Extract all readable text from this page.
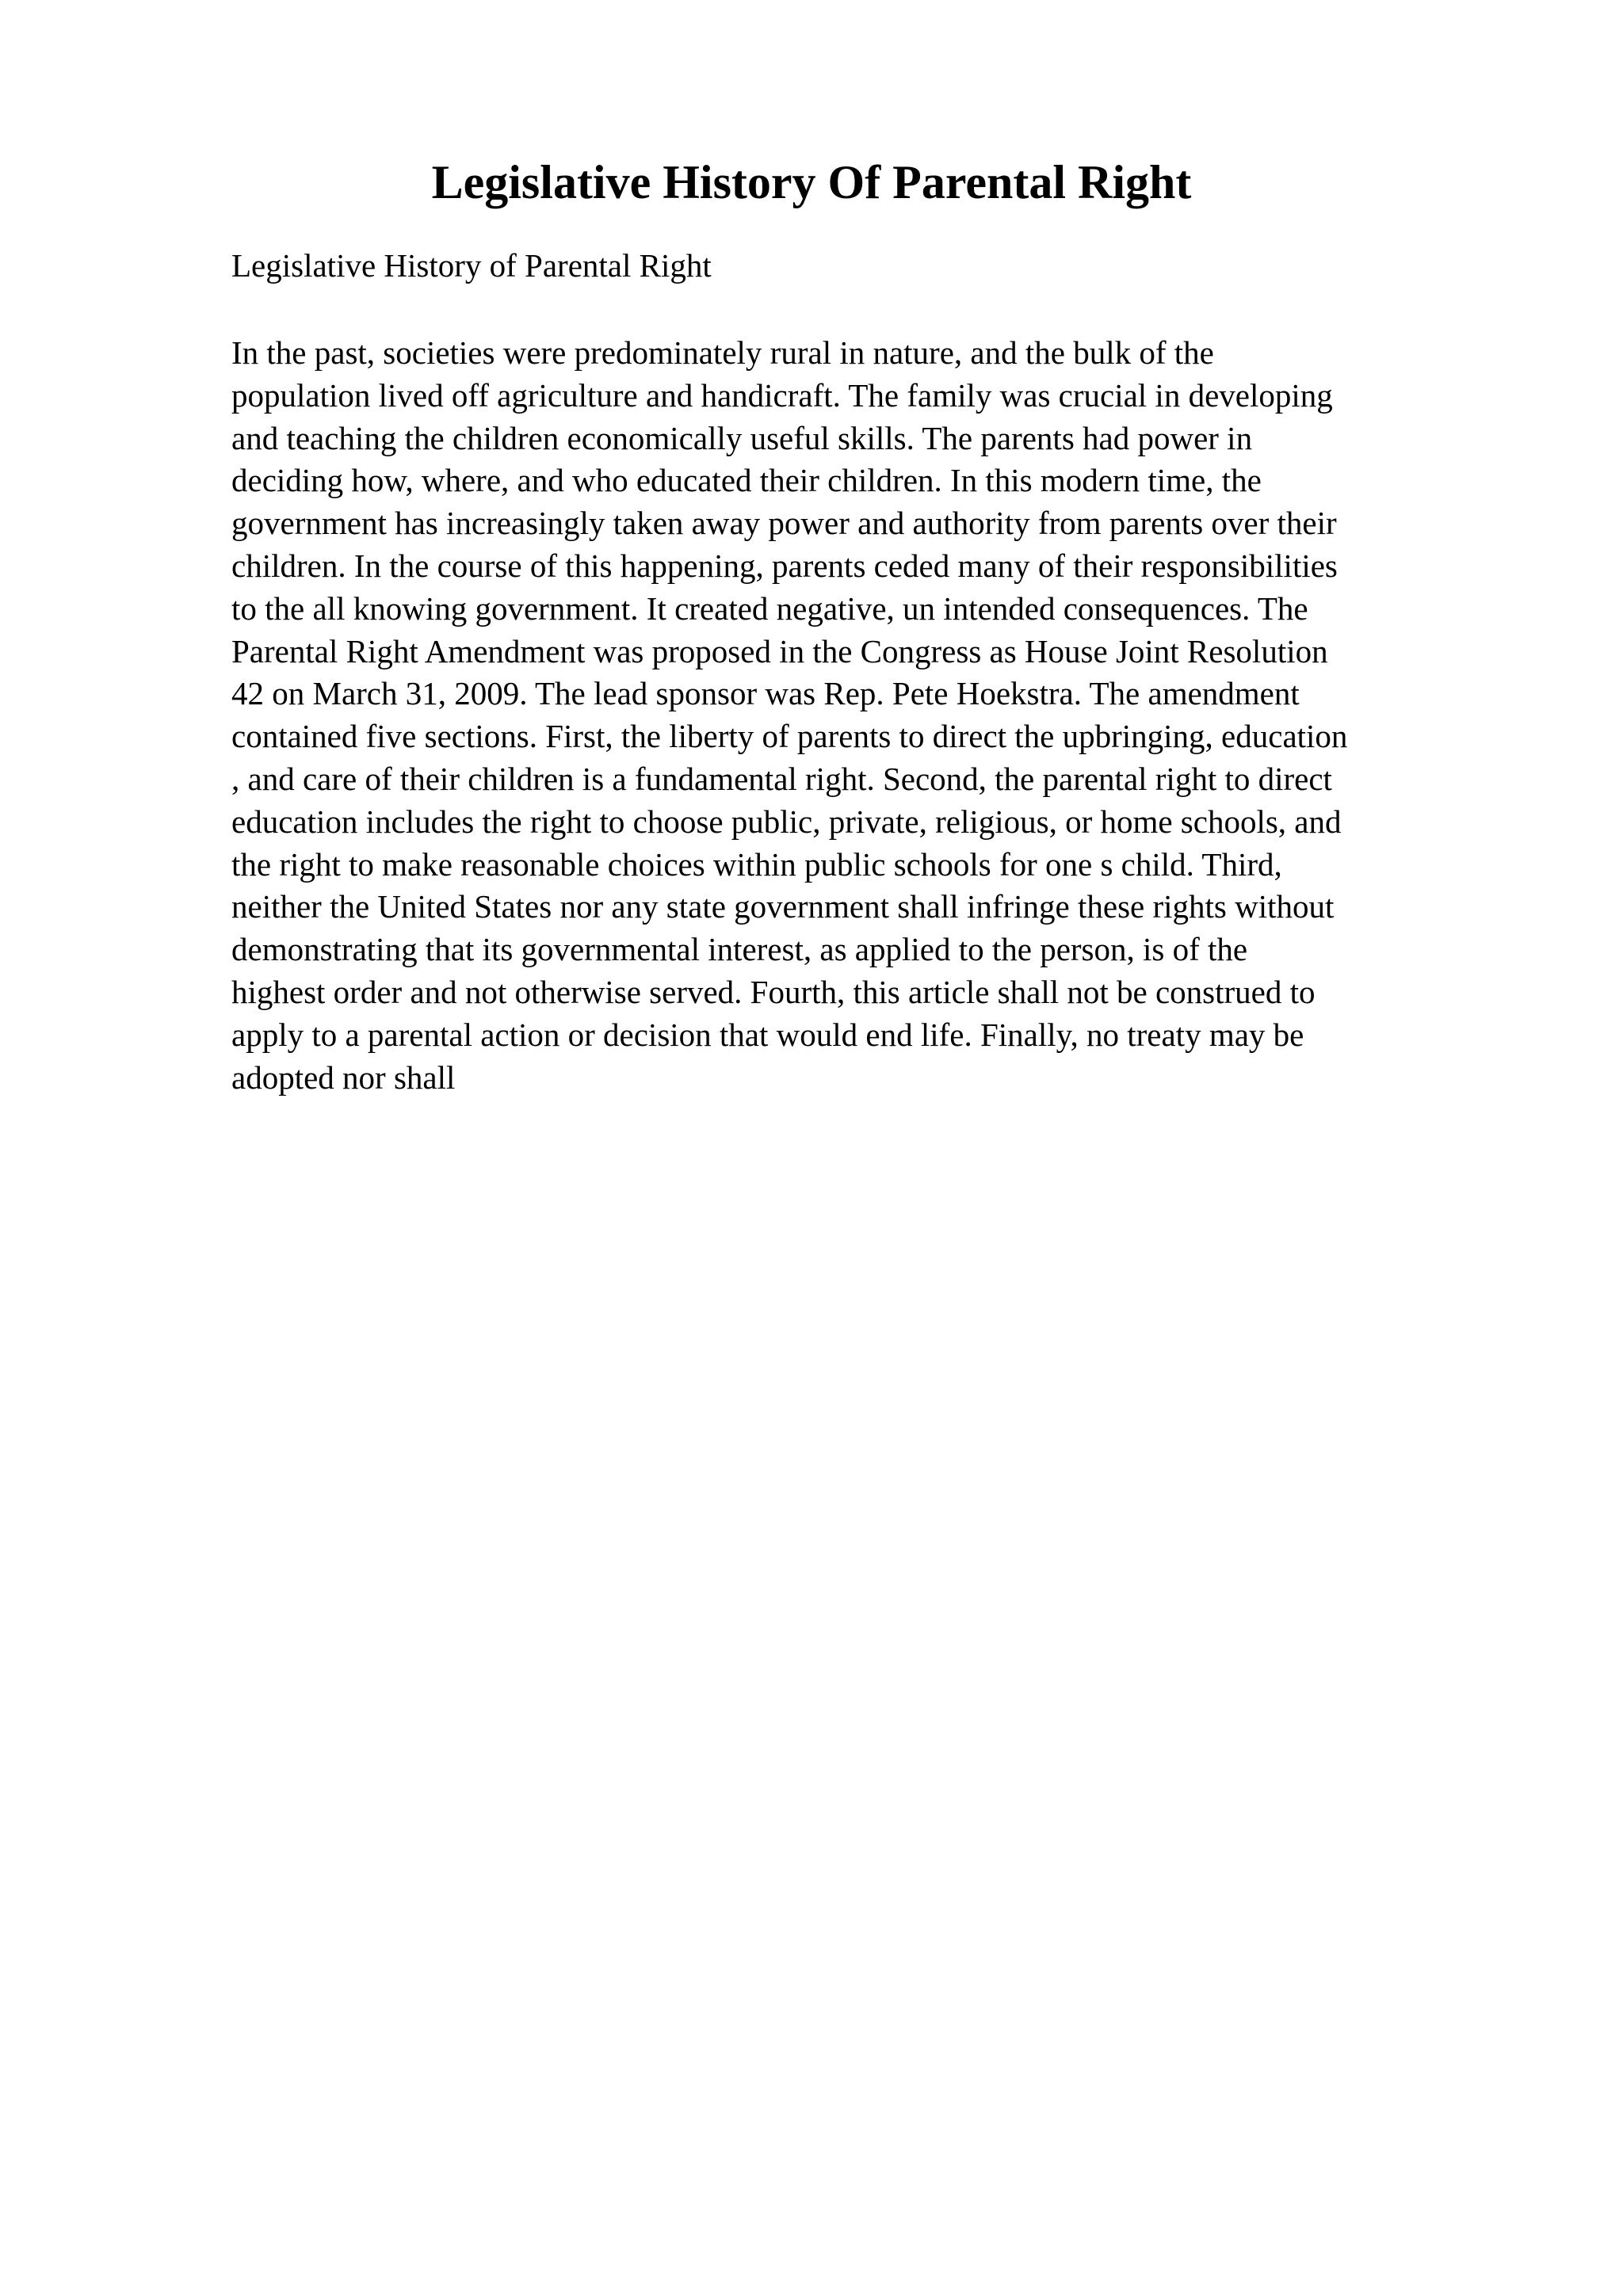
Legislative History Of Parental Right

Legislative History of Parental Right

In the past, societies were predominately rural in nature, and the bulk of the
population lived off agriculture and handicraft. The family was crucial in developing
and teaching the children economically useful skills. The parents had power in
deciding how, where, and who educated their children. In this modern time, the
government has increasingly taken away power and authority from parents over their
children. In the course of this happening, parents ceded many of their responsibilities
to the all knowing government. It created negative, un intended consequences. The
Parental Right Amendment was proposed in the Congress as House Joint Resolution
42 on March 31, 2009. The lead sponsor was Rep. Pete Hoekstra. The amendment
contained five sections. First, the liberty of parents to direct the upbringing, education
, and care of their children is a fundamental right. Second, the parental right to direct
education includes the right to choose public, private, religious, or home schools, and
the right to make reasonable choices within public schools for one s child. Third,
neither the United States nor any state government shall infringe these rights without
demonstrating that its governmental interest, as applied to the person, is of the
highest order and not otherwise served. Fourth, this article shall not be construed to
apply to a parental action or decision that would end life. Finally, no treaty may be
adopted nor shall
